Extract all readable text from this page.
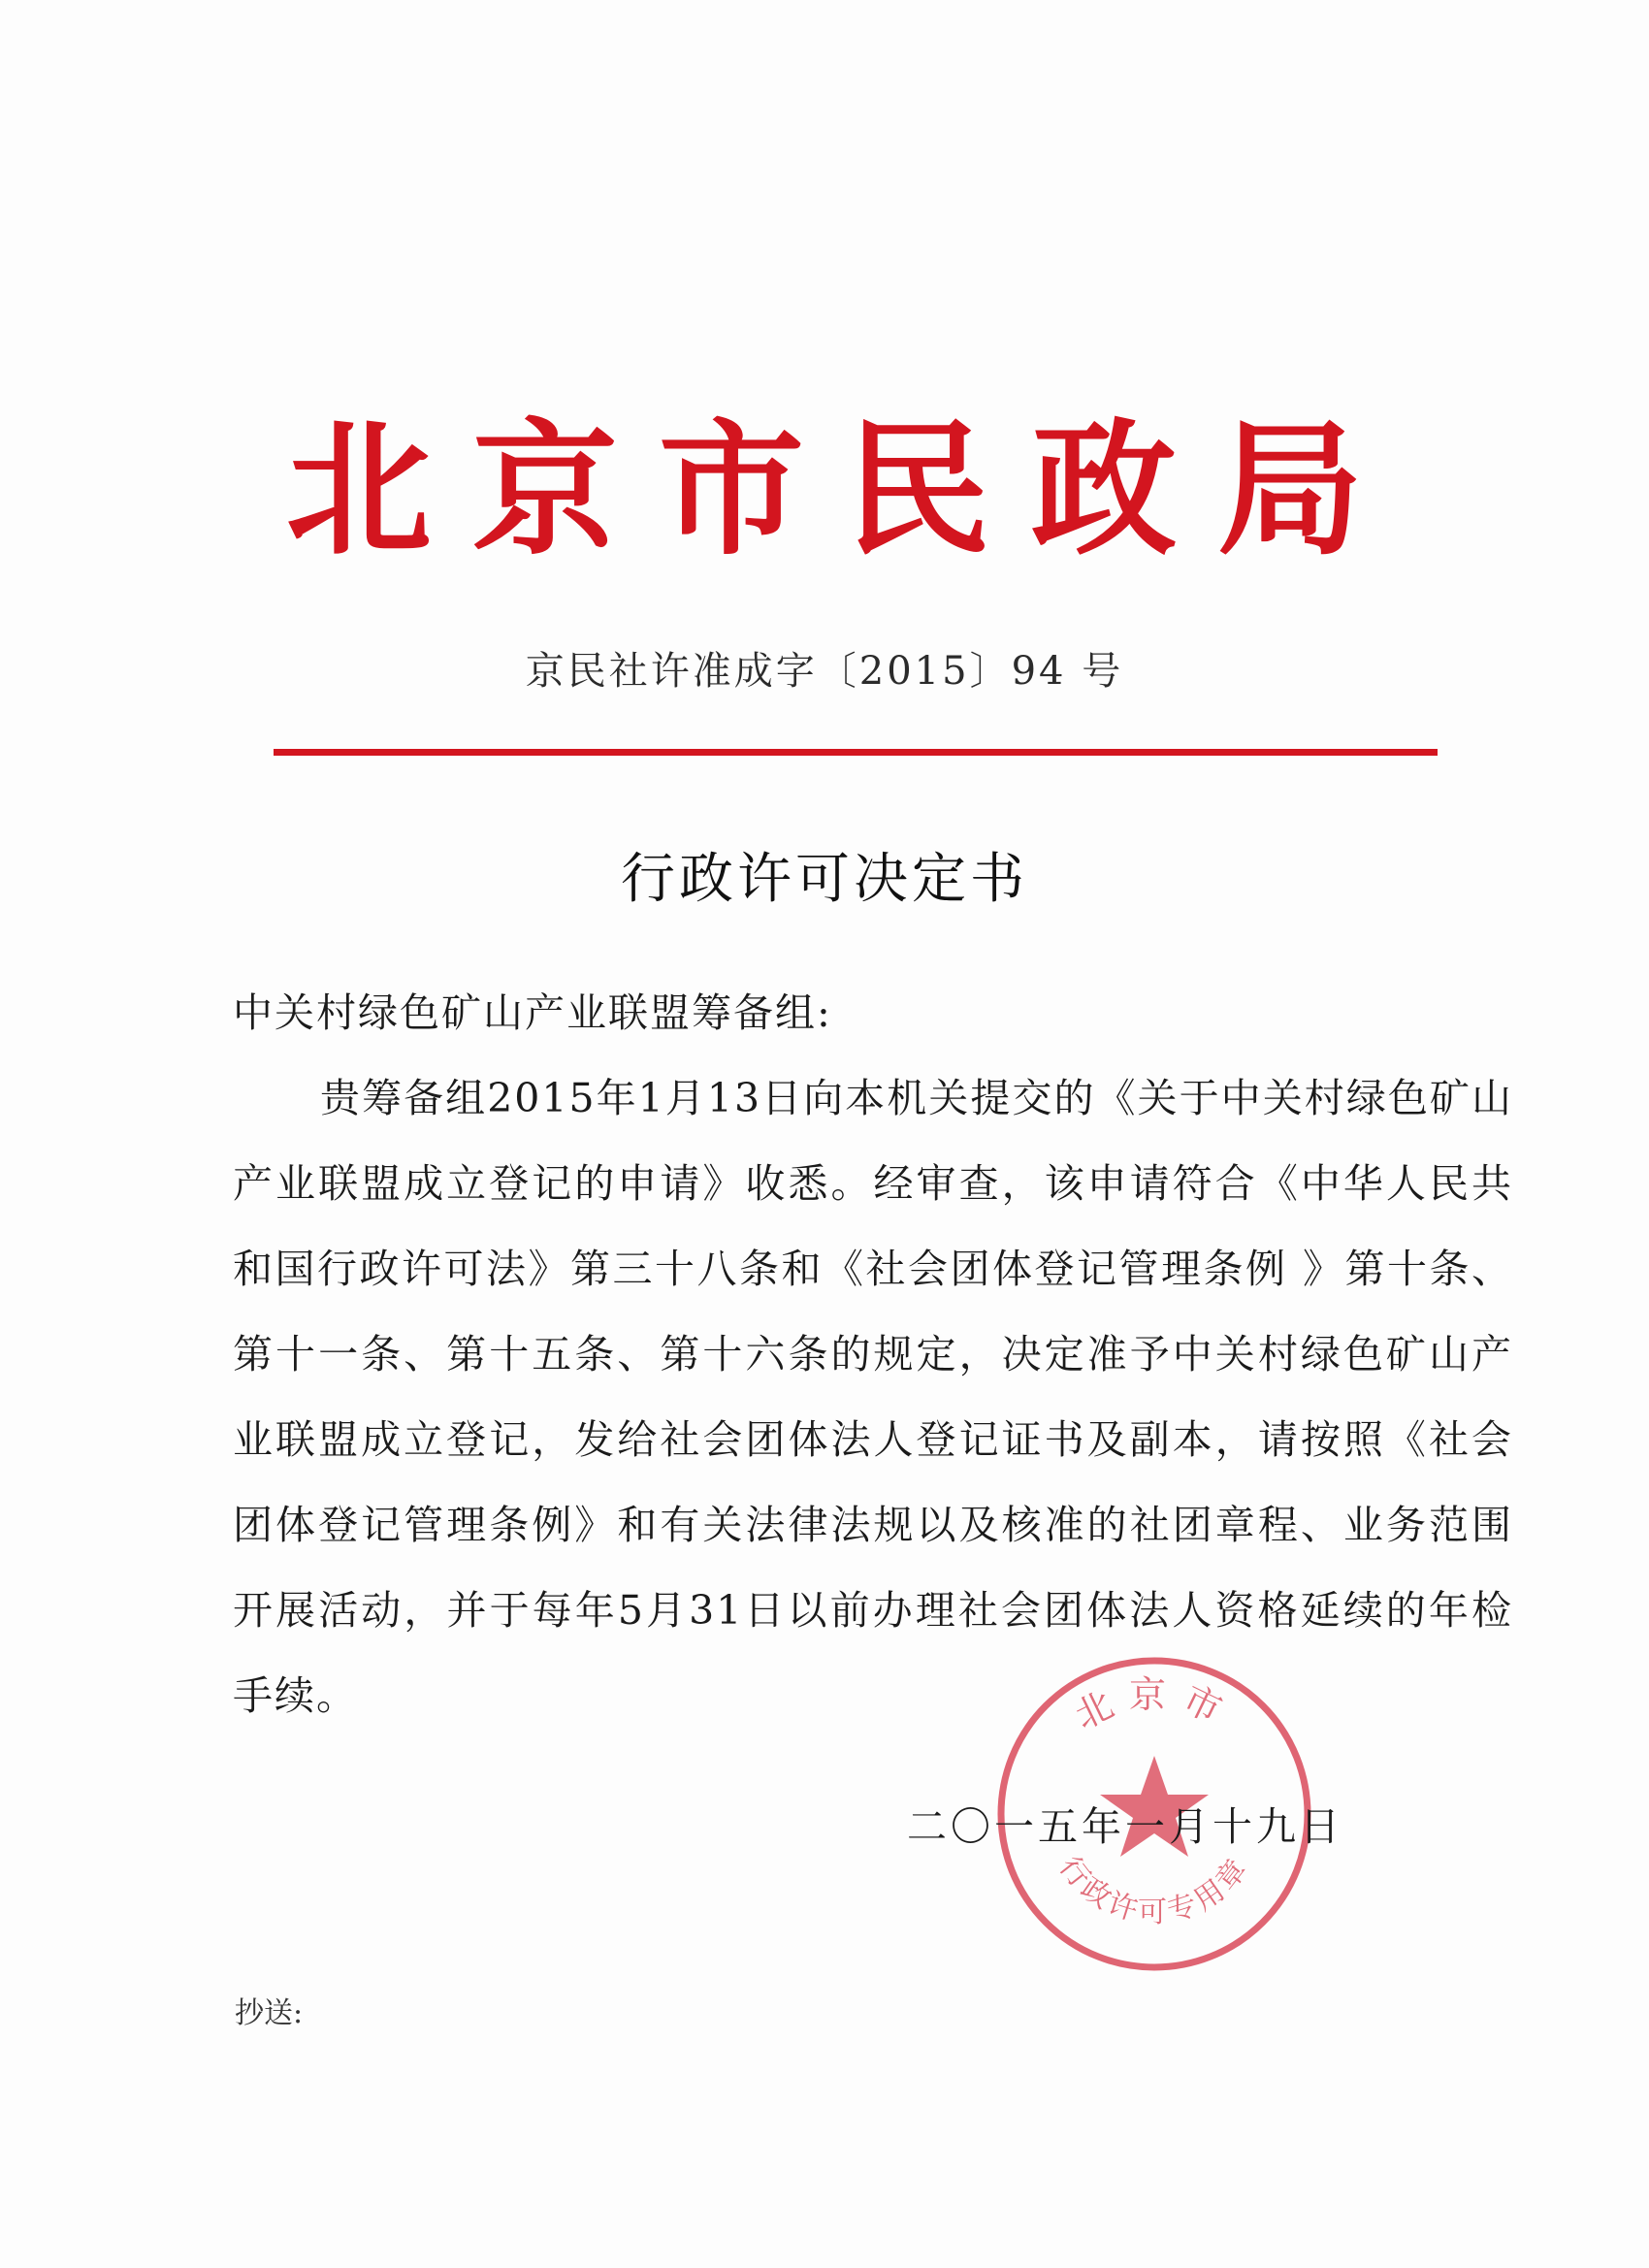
北京市民政局
京民社许准成字〔2015〕94 号
行政许可决定书
中关村绿色矿山产业联盟筹备组:
贵筹备组2015年1月13日向本机关提交的《关于中关村绿色矿山产业联盟成立登记的申请》收悉。经审查，该申请符合《中华人民共和国行政许可法》第三十八条和《社会团体登记管理条例 》第十条、第十一条、第十五条、第十六条的规定，决定准予中关村绿色矿山产业联盟成立登记，发给社会团体法人登记证书及副本，请按照《社会团体登记管理条例》和有关法律法规以及核准的社团章程、业务范围开展活动，并于每年5月31日以前办理社会团体法人资格延续的年检手续。	北京市
行政许可专用章
二〇一五年一月十九日
抄送:
